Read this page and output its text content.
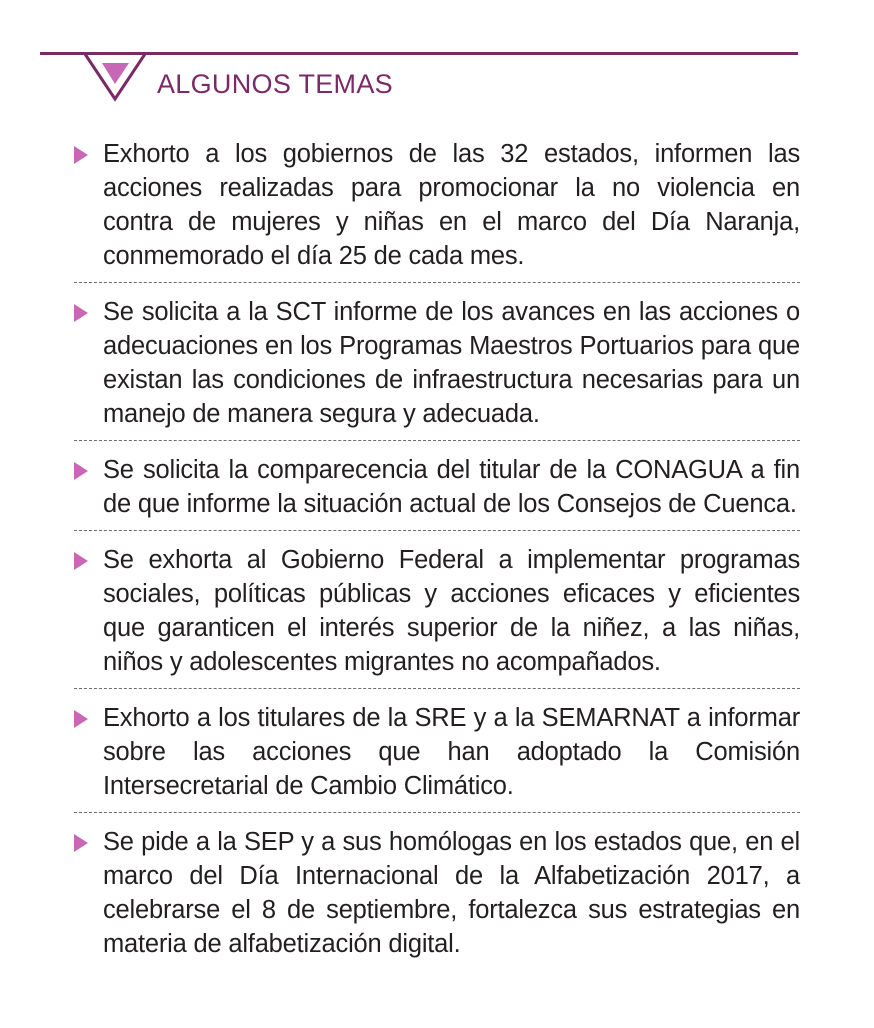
ALGUNOS TEMAS
Exhorto a los gobiernos de las 32 estados, informen las acciones realizadas para promocionar la no violencia en contra de mujeres y niñas en el marco del Día Naranja, conmemorado el día 25 de cada mes.
Se solicita a la SCT informe de los avances en las acciones o adecuaciones en los Programas Maestros Portuarios para que existan las condiciones de infraestructura necesarias para un manejo de manera segura y adecuada.
Se solicita la comparecencia del titular de la CONAGUA a fin de que informe la situación actual de los Consejos de Cuenca.
Se exhorta al Gobierno Federal a implementar programas sociales, políticas públicas y acciones eficaces y eficientes que garanticen el interés superior de la niñez, a las niñas, niños y adolescentes migrantes no acompañados.
Exhorto a los titulares de la SRE y a la SEMARNAT a informar sobre las acciones que han adoptado la Comisión Intersecretarial de Cambio Climático.
Se pide a la SEP y a sus homólogas en los estados que, en el marco del Día Internacional de la Alfabetización 2017, a celebrarse el 8 de septiembre, fortalezca sus estrategias en materia de alfabetización digital.
